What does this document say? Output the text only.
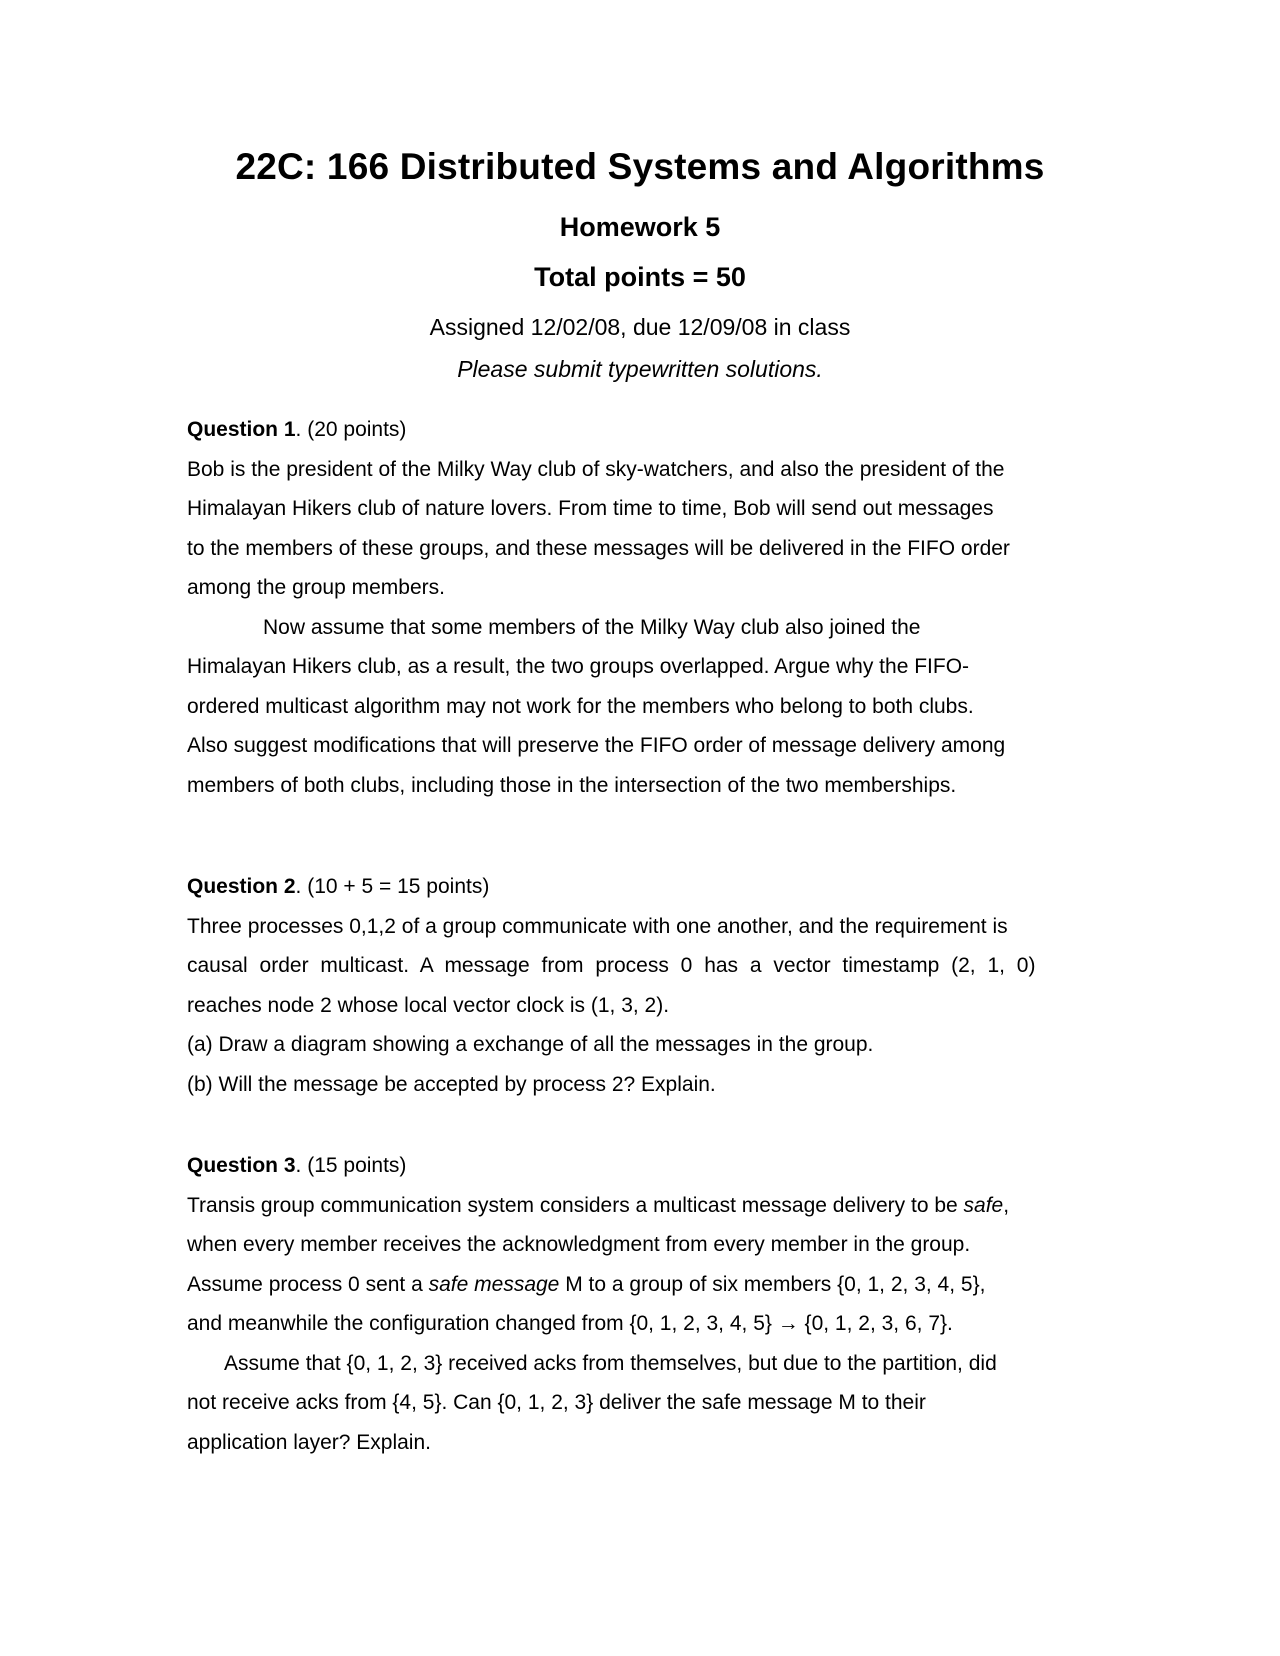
22C: 166 Distributed Systems and Algorithms
Homework 5
Total points = 50
Assigned 12/02/08, due 12/09/08 in class
Please submit typewritten solutions.
Question 1. (20 points)
Bob is the president of the Milky Way club of sky-watchers, and also the president of the
Himalayan Hikers club of nature lovers. From time to time, Bob will send out messages
to the members of these groups, and these messages will be delivered in the FIFO order
among the group members.
Now assume that some members of the Milky Way club also joined the
Himalayan Hikers club, as a result, the two groups overlapped. Argue why the FIFO-
ordered multicast algorithm may not work for the members who belong to both clubs.
Also suggest modifications that will preserve the FIFO order of message delivery among
members of both clubs, including those in the intersection of the two memberships.
Question 2. (10 + 5 = 15 points)
Three processes 0,1,2 of a group communicate with one another, and the requirement is
causal order multicast. A message from process 0 has a vector timestamp (2, 1, 0)
reaches node 2 whose local vector clock is (1, 3, 2).
(a) Draw a diagram showing a exchange of all the messages in the group.
(b) Will the message be accepted by process 2? Explain.
Question 3. (15 points)
Transis group communication system considers a multicast message delivery to be safe,
when every member receives the acknowledgment from every member in the group.
Assume process 0 sent a safe message M to a group of six members {0, 1, 2, 3, 4, 5},
and meanwhile the configuration changed from {0, 1, 2, 3, 4, 5} → {0, 1, 2, 3, 6, 7}.
Assume that {0, 1, 2, 3} received acks from themselves, but due to the partition, did
not receive acks from {4, 5}. Can {0, 1, 2, 3} deliver the safe message M to their
application layer? Explain.
